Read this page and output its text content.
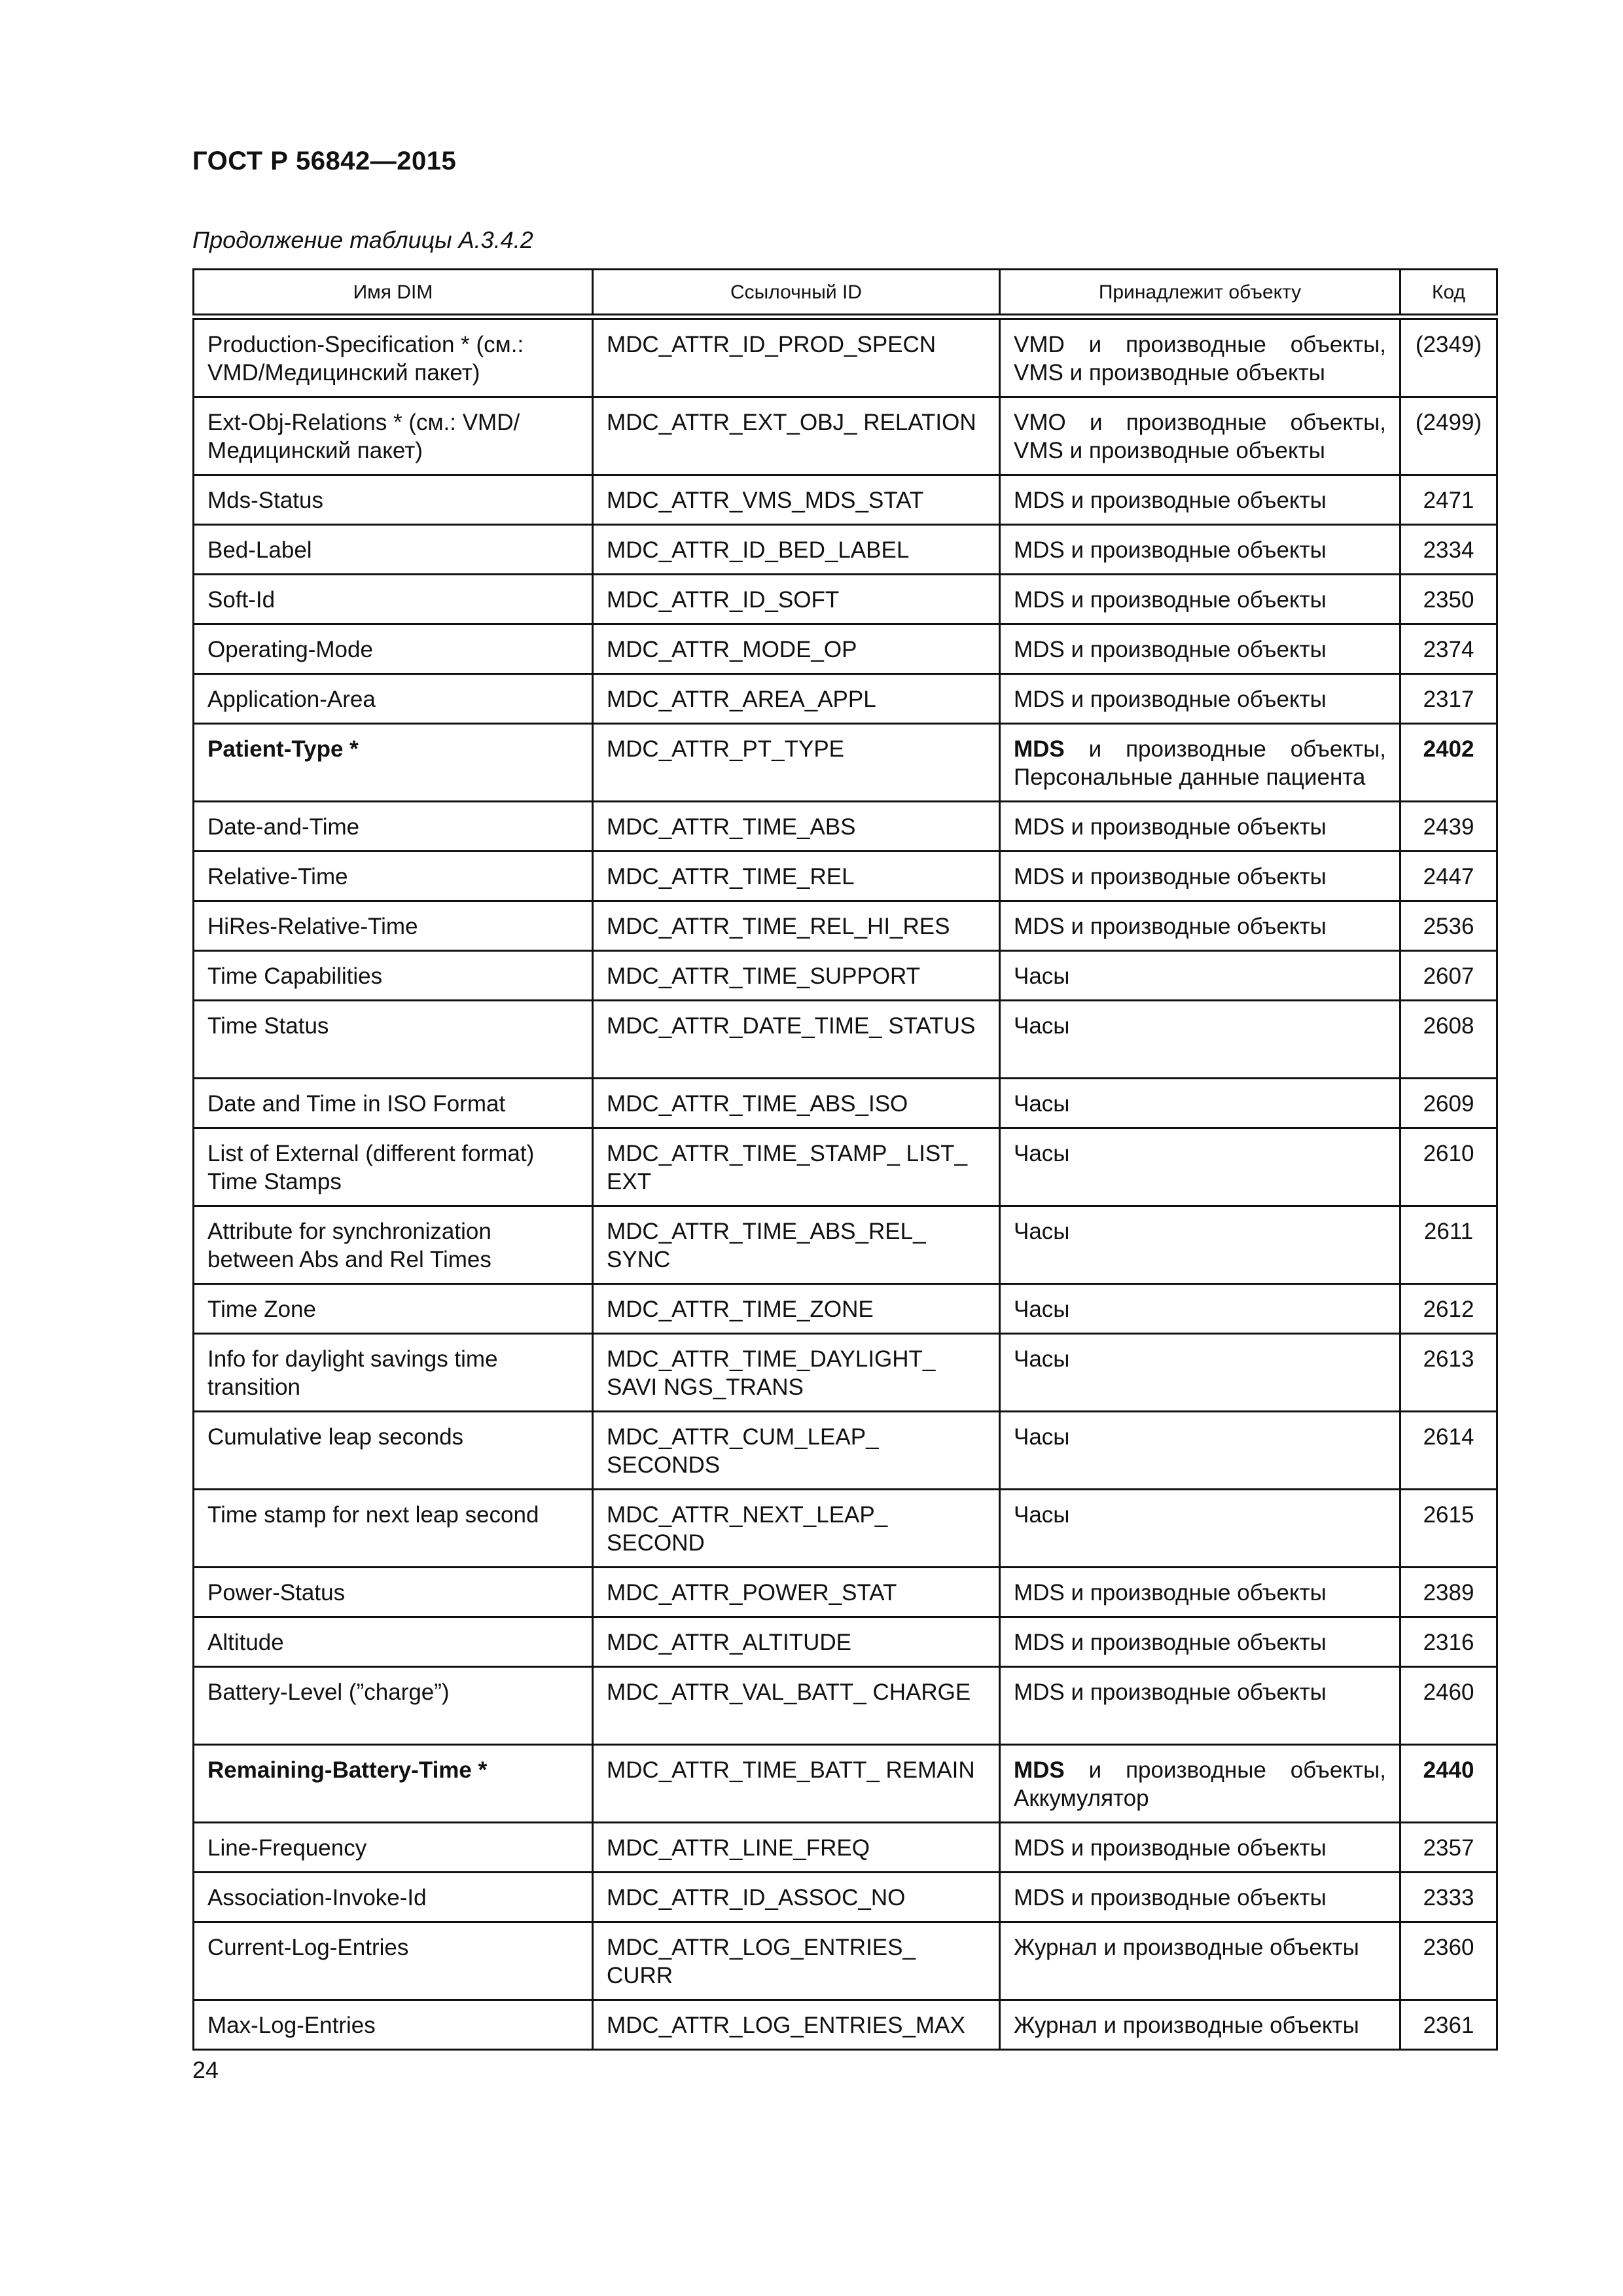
ГОСТ Р 56842—2015
Продолжение таблицы А.3.4.2
Имя DIM	Ссылочный ID	Принадлежит объекту	Код
Production-Specification * (см.: VMD/Медицинский пакет)	MDC_ATTR_ID_PROD_SPECN	VMD и производные объекты, VMS и производные объекты	(2349)
Ext-Obj-Relations * (см.: VMD/ Медицинский пакет)	MDC_ATTR_EXT_OBJ_ RELATION	VMO и производные объекты, VMS и производные объекты	(2499)
Mds-Status	MDC_ATTR_VMS_MDS_STAT	MDS и производные объекты	2471
Bed-Label	MDC_ATTR_ID_BED_LABEL	MDS и производные объекты	2334
Soft-Id	MDC_ATTR_ID_SOFT	MDS и производные объекты	2350
Operating-Mode	MDC_ATTR_MODE_OP	MDS и производные объекты	2374
Application-Area	MDC_ATTR_AREA_APPL	MDS и производные объекты	2317
Patient-Type *	MDC_ATTR_PT_TYPE	MDS и производные объекты, Персональные данные пациента	2402
Date-and-Time	MDC_ATTR_TIME_ABS	MDS и производные объекты	2439
Relative-Time	MDC_ATTR_TIME_REL	MDS и производные объекты	2447
HiRes-Relative-Time	MDC_ATTR_TIME_REL_HI_RES	MDS и производные объекты	2536
Time Capabilities	MDC_ATTR_TIME_SUPPORT	Часы	2607
Time Status	MDC_ATTR_DATE_TIME_ STATUS	Часы	2608
Date and Time in ISO Format	MDC_ATTR_TIME_ABS_ISO	Часы	2609
List of External (different format) Time Stamps	MDC_ATTR_TIME_STAMP_ LIST_ EXT	Часы	2610
Attribute for synchronization between Abs and Rel Times	MDC_ATTR_TIME_ABS_REL_ SYNC	Часы	2611
Time Zone	MDC_ATTR_TIME_ZONE	Часы	2612
Info for daylight savings time transition	MDC_ATTR_TIME_DAYLIGHT_ SAVI NGS_TRANS	Часы	2613
Cumulative leap seconds	MDC_ATTR_CUM_LEAP_ SECONDS	Часы	2614
Time stamp for next leap second	MDC_ATTR_NEXT_LEAP_ SECOND	Часы	2615
Power-Status	MDC_ATTR_POWER_STAT	MDS и производные объекты	2389
Altitude	MDC_ATTR_ALTITUDE	MDS и производные объекты	2316
Battery-Level (”charge”)	MDC_ATTR_VAL_BATT_ CHARGE	MDS и производные объекты	2460
Remaining-Battery-Time *	MDC_ATTR_TIME_BATT_ REMAIN	MDS и производные объекты, Аккумулятор	2440
Line-Frequency	MDC_ATTR_LINE_FREQ	MDS и производные объекты	2357
Association-Invoke-Id	MDC_ATTR_ID_ASSOC_NO	MDS и производные объекты	2333
Current-Log-Entries	MDC_ATTR_LOG_ENTRIES_ CURR	Журнал и производные объекты	2360
Max-Log-Entries	MDC_ATTR_LOG_ENTRIES_MAX	Журнал и производные объекты	2361
24
